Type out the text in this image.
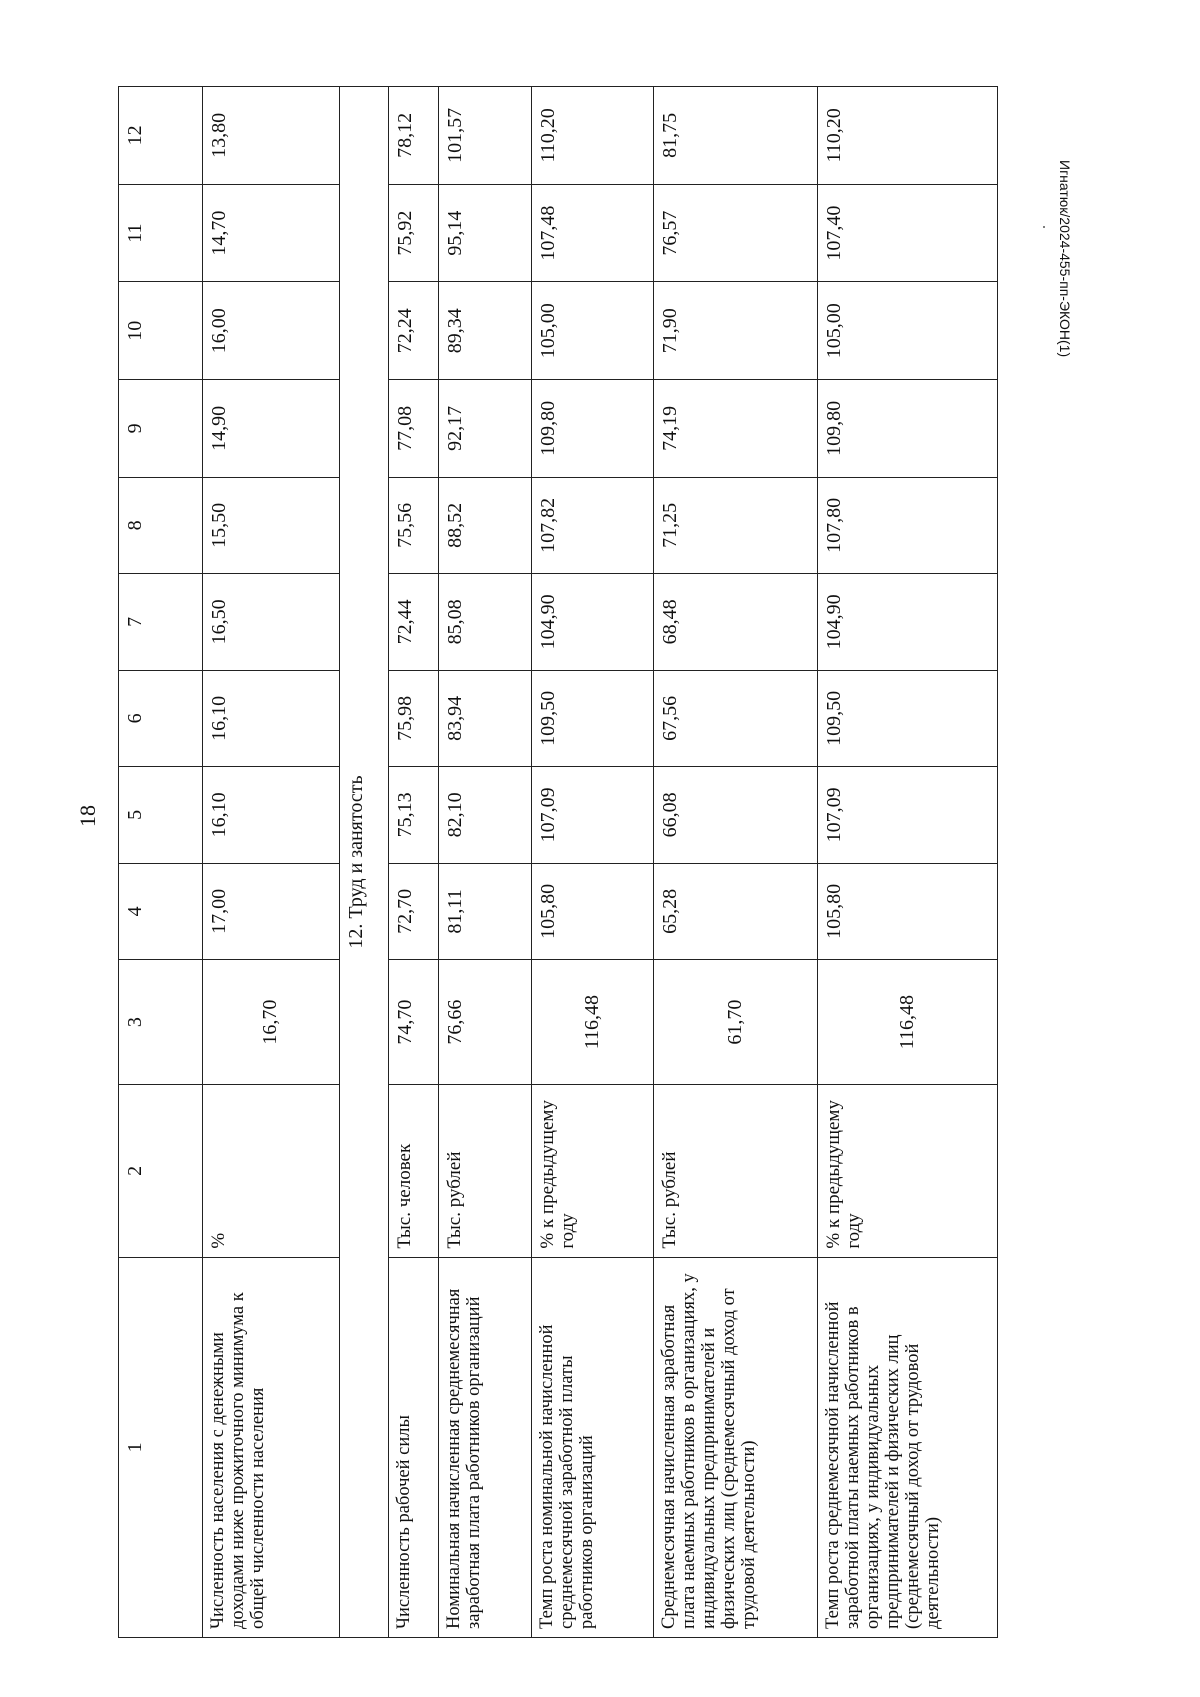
18
Игнатюк/2024-455-пп-ЭКОН(1)
1	2	3	4	5	6	7	8	9	10	11	12
Численность населения с денежными доходами ниже прожиточного минимума к общей численности населения	%	16,70	17,00	16,10	16,10	16,50	15,50	14,90	16,00	14,70	13,80
12. Труд и занятость											
Численность рабочей силы	Тыс. человек	74,70	72,70	75,13	75,98	72,44	75,56	77,08	72,24	75,92	78,12
Номинальная начисленная среднемесячная заработная плата работников организаций	Тыс. рублей	76,66	81,11	82,10	83,94	85,08	88,52	92,17	89,34	95,14	101,57
Темп роста номинальной начисленной среднемесячной заработной платы работников организаций	% к предыдущему году	116,48	105,80	107,09	109,50	104,90	107,82	109,80	105,00	107,48	110,20
Среднемесячная начисленная заработная плата наемных работников в организациях, у индивидуальных предпринимателей и физических лиц (среднемесячный доход от трудовой деятельности)	Тыс. рублей	61,70	65,28	66,08	67,56	68,48	71,25	74,19	71,90	76,57	81,75
Темп роста среднемесячной начисленной заработной платы наемных работников в организациях, у индивидуальных предпринимателей и физических лиц (среднемесячный доход от трудовой деятельности)	% к предыдущему году	116,48	105,80	107,09	109,50	104,90	107,80	109,80	105,00	107,40	110,20
